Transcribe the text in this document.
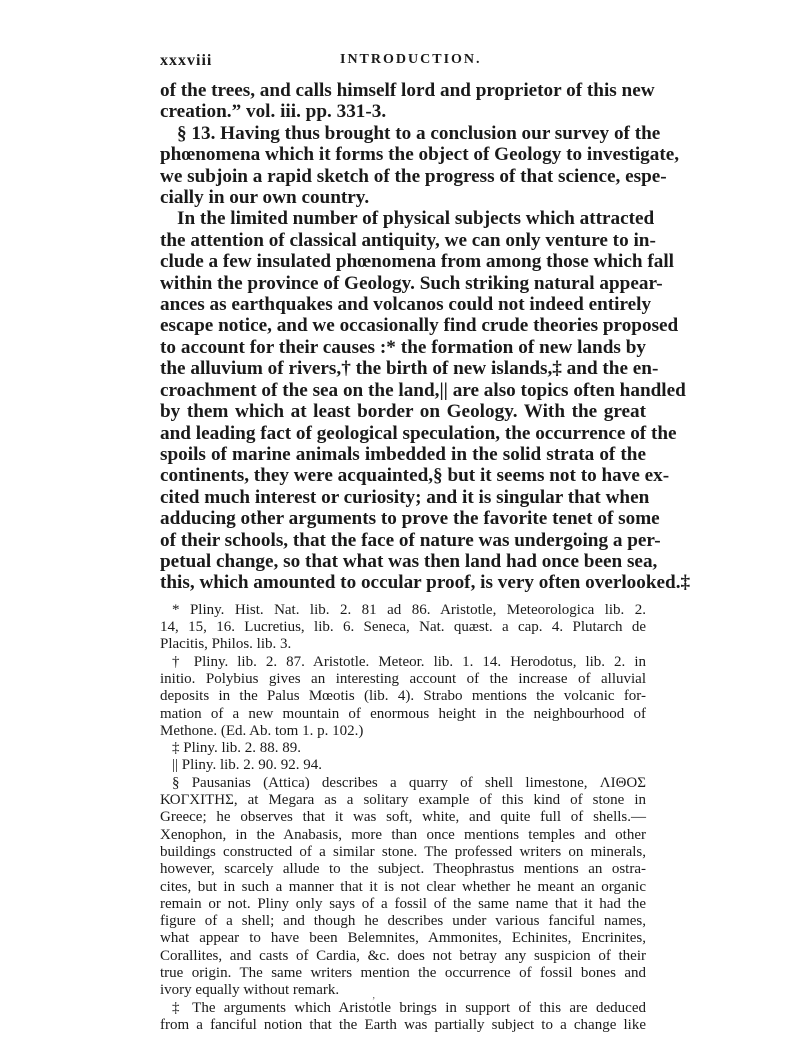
xxxviii	INTRODUCTION.
of the trees, and calls himself lord and proprietor of this new
creation.” vol. iii. pp. 331-3.
§ 13. Having thus brought to a conclusion our survey of the
phœnomena which it forms the object of Geology to investigate,
we subjoin a rapid sketch of the progress of that science, espe-
cially in our own country.
In the limited number of physical subjects which attracted
the attention of classical antiquity, we can only venture to in-
clude a few insulated phœnomena from among those which fall
within the province of Geology. Such striking natural appear-
ances as earthquakes and volcanos could not indeed entirely
escape notice, and we occasionally find crude theories proposed
to account for their causes :* the formation of new lands by
the alluvium of rivers,† the birth of new islands,‡ and the en-
croachment of the sea on the land,|| are also topics often handled
by them which at least border on Geology. With the great
and leading fact of geological speculation, the occurrence of the
spoils of marine animals imbedded in the solid strata of the
continents, they were acquainted,§ but it seems not to have ex-
cited much interest or curiosity; and it is singular that when
adducing other arguments to prove the favorite tenet of some
of their schools, that the face of nature was undergoing a per-
petual change, so that what was then land had once been sea,
this, which amounted to occular proof, is very often overlooked.‡
* Pliny. Hist. Nat. lib. 2. 81 ad 86. Aristotle, Meteorologica lib. 2.
14, 15, 16. Lucretius, lib. 6. Seneca, Nat. quæst. a cap. 4. Plutarch de
Placitis, Philos. lib. 3.
† Pliny. lib. 2. 87. Aristotle. Meteor. lib. 1. 14. Herodotus, lib. 2. in
initio. Polybius gives an interesting account of the increase of alluvial
deposits in the Palus Mœotis (lib. 4). Strabo mentions the volcanic for-
mation of a new mountain of enormous height in the neighbourhood of
Methone. (Ed. Ab. tom 1. p. 102.)
‡ Pliny. lib. 2. 88. 89.
|| Pliny. lib. 2. 90. 92. 94.
§ Pausanias (Attica) describes a quarry of shell limestone, ΛΙΘΟΣ
ΚΟΓΧΙΤΗΣ, at Megara as a solitary example of this kind of stone in
Greece; he observes that it was soft, white, and quite full of shells.—
Xenophon, in the Anabasis, more than once mentions temples and other
buildings constructed of a similar stone. The professed writers on minerals,
however, scarcely allude to the subject. Theophrastus mentions an ostra-
cites, but in such a manner that it is not clear whether he meant an organic
remain or not. Pliny only says of a fossil of the same name that it had the
figure of a shell; and though he describes under various fanciful names,
what appear to have been Belemnites, Ammonites, Echinites, Encrinites,
Corallites, and casts of Cardia, &c. does not betray any suspicion of their
true origin. The same writers mention the occurrence of fossil bones and
ivory equally without remark.
‡ The arguments which Aristotle brings in support of this are deduced
from a fanciful notion that the Earth was partially subject to a change like
‚
